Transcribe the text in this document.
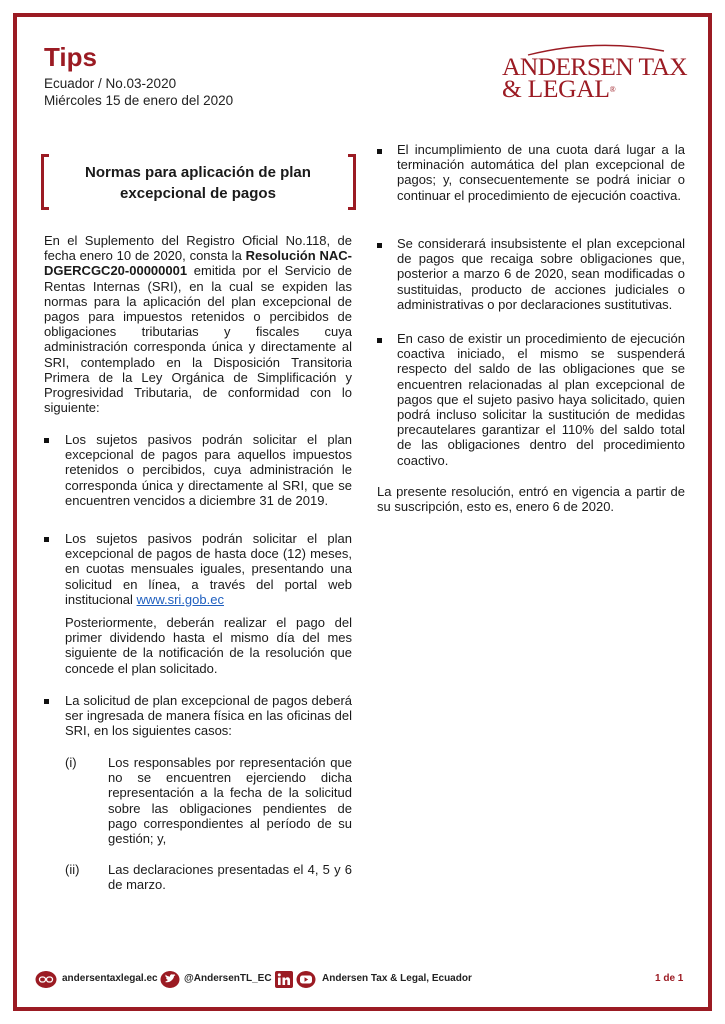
Tips
Ecuador / No.03-2020
Miércoles 15 de enero del 2020
ANDERSEN TAX
& LEGAL®
Normas para aplicación de plan
excepcional de pagos

En el Suplemento del Registro Oficial No.118, de fecha enero 10 de 2020, consta la Resolución NAC-DGERCGC20-00000001 emitida por el Servicio de Rentas Internas (SRI), en la cual se expiden las normas para la aplicación del plan excepcional de pagos para impuestos retenidos o percibidos de obligaciones tributarias y fiscales cuya administración corresponda única y directamente al SRI, contemplado en la Disposición Transitoria Primera de la Ley Orgánica de Simplificación y Progresividad Tributaria, de conformidad con lo siguiente:

Los sujetos pasivos podrán solicitar el plan excepcional de pagos para aquellos impuestos retenidos o percibidos, cuya administración le corresponda única y directamente al SRI, que se encuentren vencidos a diciembre 31 de 2019.

Los sujetos pasivos podrán solicitar el plan excepcional de pagos de hasta doce (12) meses, en cuotas mensuales iguales, presentando una solicitud en línea, a través del portal web institucional www.sri.gob.ec

Posteriormente, deberán realizar el pago del primer dividendo hasta el mismo día del mes siguiente de la notificación de la resolución que concede el plan solicitado.

La solicitud de plan excepcional de pagos deberá ser ingresada de manera física en las oficinas del SRI, en los siguientes casos:

(i) Los responsables por representación que no se encuentren ejerciendo dicha representación a la fecha de la solicitud sobre las obligaciones pendientes de pago correspondientes al período de su gestión; y,

(ii) Las declaraciones presentadas el 4, 5 y 6 de marzo.

El incumplimiento de una cuota dará lugar a la terminación automática del plan excepcional de pagos; y, consecuentemente se podrá iniciar o continuar el procedimiento de ejecución coactiva.

Se considerará insubsistente el plan excepcional de pagos que recaiga sobre obligaciones que, posterior a marzo 6 de 2020, sean modificadas o sustituidas, producto de acciones judiciales o administrativas o por declaraciones sustitutivas.

En caso de existir un procedimiento de ejecución coactiva iniciado, el mismo se suspenderá respecto del saldo de las obligaciones que se encuentren relacionadas al plan excepcional de pagos que el sujeto pasivo haya solicitado, quien podrá incluso solicitar la sustitución de medidas precautelares garantizar el 110% del saldo total de las obligaciones dentro del procedimiento coactivo.

La presente resolución, entró en vigencia a partir de su suscripción, esto es, enero 6 de 2020.

andersentaxlegal.ec	@AndersenTL_EC	Andersen Tax & Legal, Ecuador	1 de 1
